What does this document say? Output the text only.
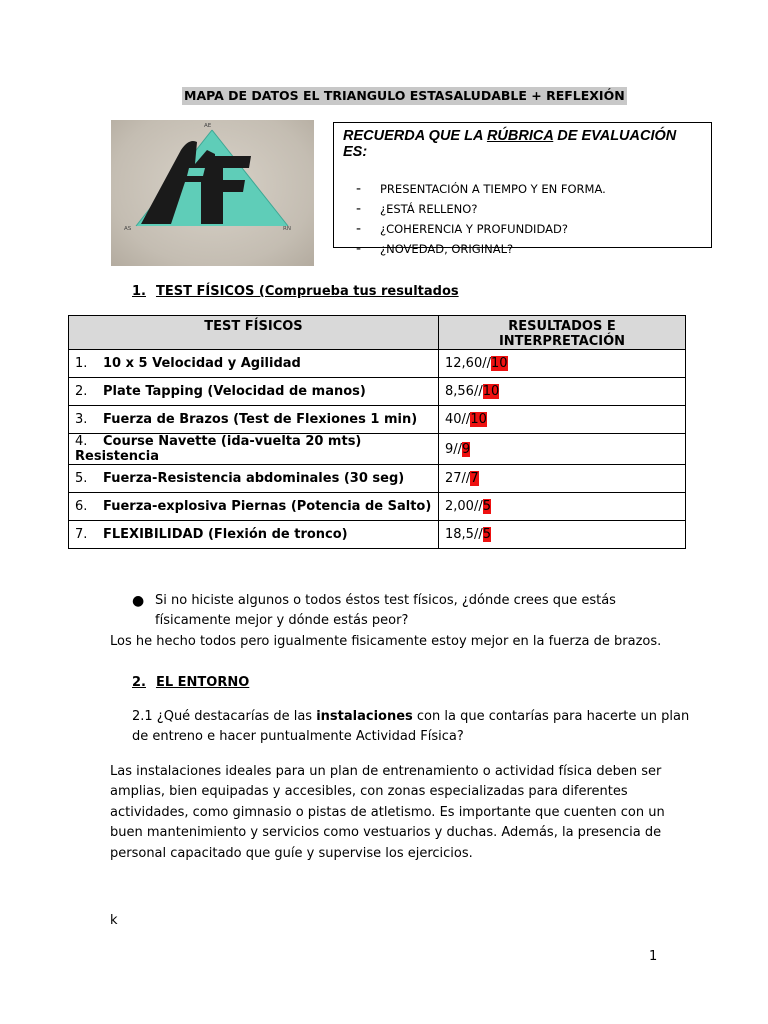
MAPA DE DATOS EL TRIANGULO ESTASALUDABLE + REFLEXIÓN
AE
AS	RN
RECUERDA QUE LA RÚBRICA DE EVALUACIÓN ES:
-	PRESENTACIÓN A TIEMPO Y EN FORMA.
-	¿ESTÁ RELLENO?
-	¿COHERENCIA Y PROFUNDIDAD?
-	¿NOVEDAD, ORIGINAL?
1. TEST FÍSICOS (Comprueba tus resultados
TEST FÍSICOS	RESULTADOS E INTERPRETACIÓN
1. 10 x 5 Velocidad y Agilidad	12,60//10
2. Plate Tapping (Velocidad de manos)	8,56//10
3. Fuerza de Brazos (Test de Flexiones 1 min)	40//10
4. Course Navette (ida-vuelta 20 mts) Resistencia	9//9
5. Fuerza-Resistencia abdominales (30 seg)	27//7
6. Fuerza-explosiva Piernas (Potencia de Salto)	2,00//5
7. FLEXIBILIDAD (Flexión de tronco)	18,5//5
● Si no hiciste algunos o todos éstos test físicos, ¿dónde crees que estás
físicamente mejor y dónde estás peor?
Los he hecho todos pero igualmente fisicamente estoy mejor en la fuerza de brazos.
2. EL ENTORNO
2.1 ¿Qué destacarías de las instalaciones con la que contarías para hacerte un plan
de entreno e hacer puntualmente Actividad Física?
Las instalaciones ideales para un plan de entrenamiento o actividad física deben ser
amplias, bien equipadas y accesibles, con zonas especializadas para diferentes
actividades, como gimnasio o pistas de atletismo. Es importante que cuenten con un
buen mantenimiento y servicios como vestuarios y duchas. Además, la presencia de
personal capacitado que guíe y supervise los ejercicios.
k
1
